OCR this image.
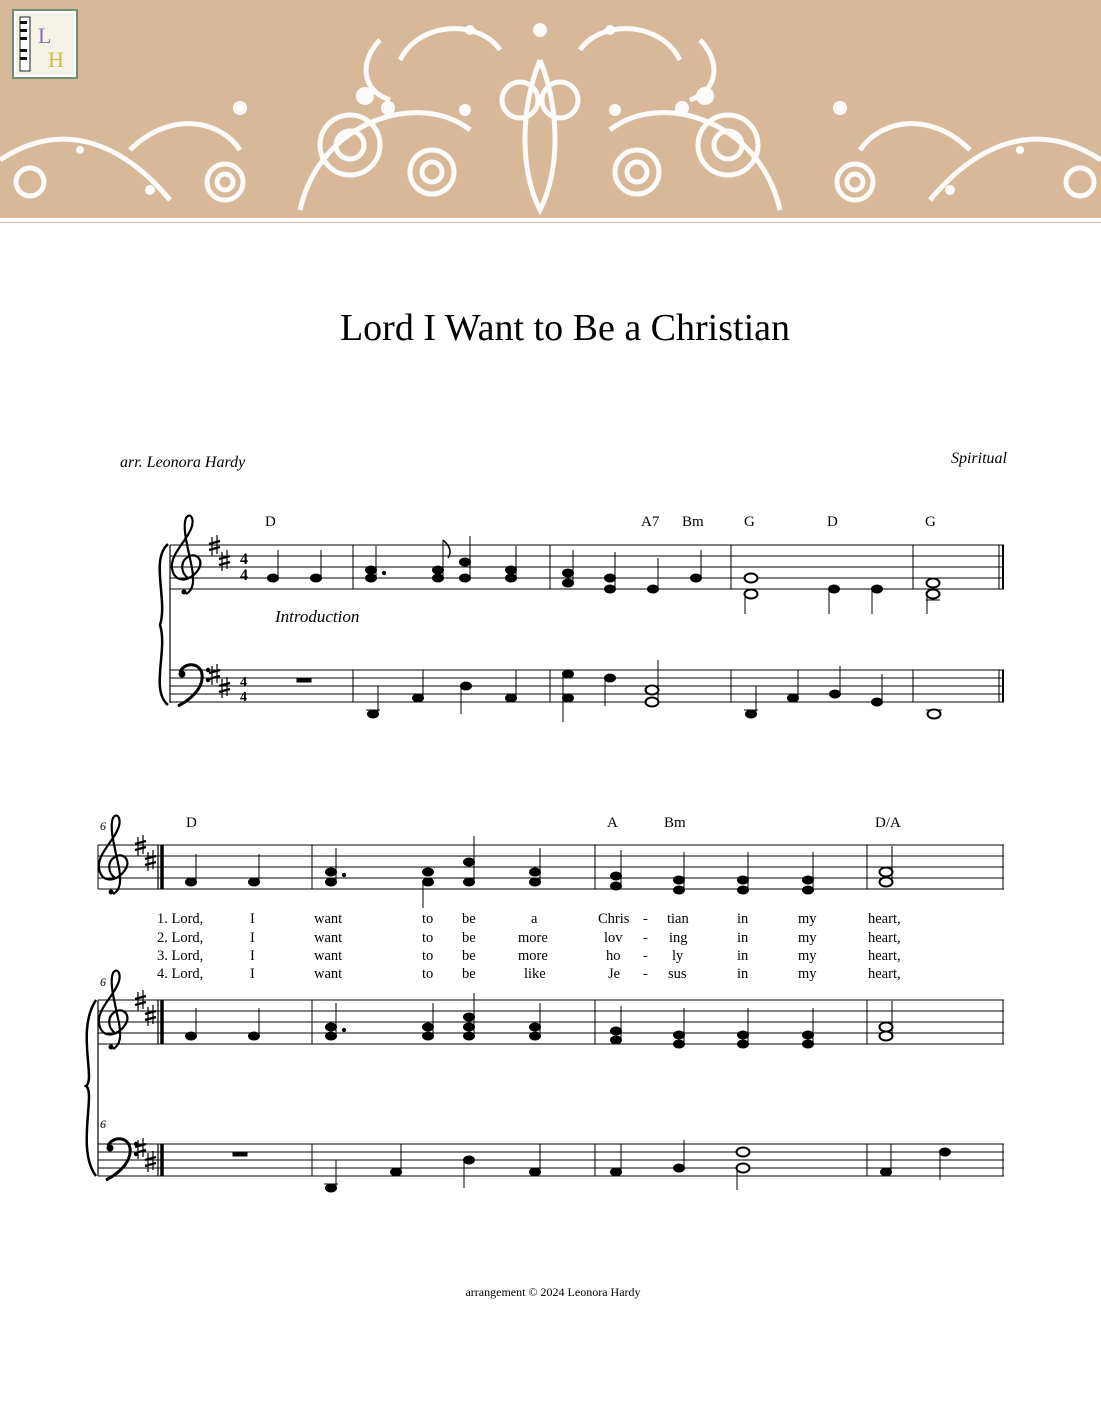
L
H
Lord I Want to Be a Christian
arr. Leonora Hardy	Spiritual
D	A7 Bm	G	D	G
4
4
4
4
Introduction
D	A	Bm	D/A
6
1. Lord,	I	want	to be	a	Chris - tian	in	my	heart,
2. Lord,	I	want	to be	more	lov - ing	in	my	heart,
3. Lord,	I	want	to be	more	ho - ly	in	my	heart,
4. Lord,	I	want	to be	like	Je - sus	in	my	heart,
6
6
arrangement © 2024 Leonora Hardy
